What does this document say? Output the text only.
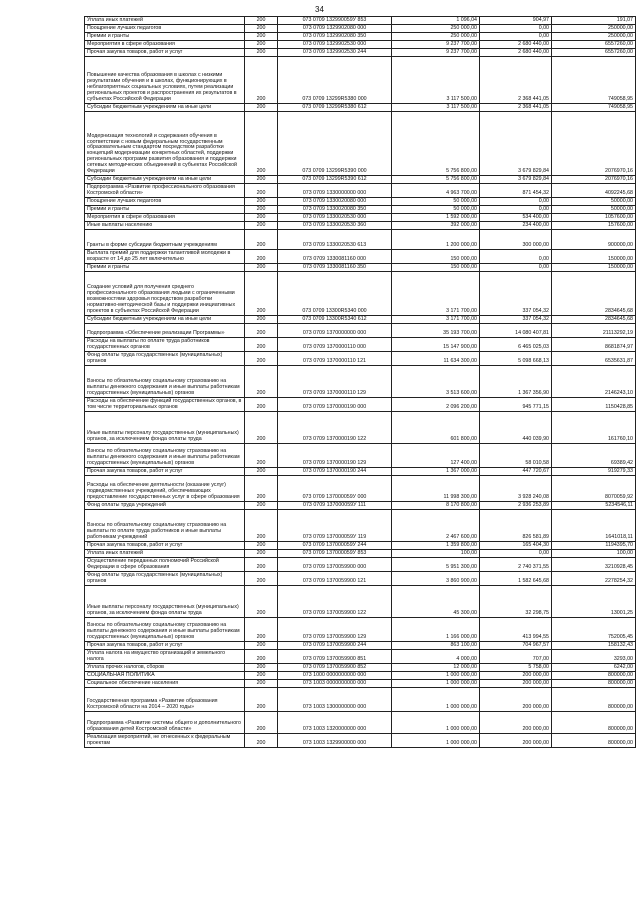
34
Уплата иных платежей	200	073 0709 132990059У 853	1 096,04	904,97	191,07
Поощрение лучших педагогов	200	073 0709 1329902080 000	250 000,00	0,00	250000,00
Премии и гранты	200	073 0709 1329902080 350	250 000,00	0,00	250000,00
Мероприятия в сфере образования	200	073 0709 1329902530 000	9 237 700,00	2 680 440,00	6557260,00
Прочая закупка товаров, работ и услуг	200	073 0709 1329902530 244	9 237 700,00	2 680 440,00	6557260,00
Повышение качества образования в школах с низкими результатами обучения и в школах, функционирующих в неблагоприятных социальных условиях, путем реализации региональных проектов и распространения их результатов в субъектах Российской Федерации	200	073 0709 13299R5380 000	3 117 500,00	2 368 441,05	749058,95
Субсидии бюджетным учреждениям на иные цели	200	073 0709 13299R5380 612	3 117 500,00	2 368 441,05	749058,95
Модернизация технологий и содержания обучения в соответствии с новым федеральным государственным образовательным стандартом посредством разработки концепций модернизации конкретных областей, поддержки региональных программ развития образования и поддержки сетевых методических объединений в субъектах Российской Федерации	200	073 0709 13299R5390 000	5 756 800,00	3 679 829,84	2076970,16
Субсидии бюджетным учреждениям на иные цели	200	073 0709 13299R5390 612	5 756 800,00	3 679 829,84	2076970,16
Подпрограмма «Развитие профессионального образования Костромской области»	200	073 0709 1330000000 000	4 963 700,00	871 454,32	4092245,68
Поощрение лучших педагогов	200	073 0709 1330020080 000	50 000,00	0,00	50000,00
Премии и гранты	200	073 0709 1330020080 350	50 000,00	0,00	50000,00
Мероприятия в сфере образования	200	073 0709 1330020530 000	1 592 000,00	534 400,00	1057600,00
Иные выплаты населению	200	073 0709 1330020530 360	392 000,00	234 400,00	157600,00
Гранты в форме субсидии бюджетным учреждениям	200	073 0709 1330020530 613	1 200 000,00	300 000,00	900000,00
Выплата премий для поддержки талантливой молодежи в возрасте от 14 до 25 лет включительно	200	073 0709 1330081160 000	150 000,00	0,00	150000,00
Премии и гранты	200	073 0709 1330081160 350	150 000,00	0,00	150000,00
Создание условий для получения среднего профессионального образования людьми с ограниченными возможностями здоровья посредством разработки нормативно-методической базы и поддержки инициативных проектов в субъектах Российской Федерации	200	073 0709 13300R5340 000	3 171 700,00	337 054,32	2834645,68
Субсидии бюджетным учреждениям на иные цели	200	073 0709 13300R5340 612	3 171 700,00	337 054,32	2834645,68
Подпрограмма «Обеспечение реализации Программы»	200	073 0709 1370000000 000	35 193 700,00	14 080 407,81	21113292,19
Расходы на выплаты по оплате труда работников государственных органов	200	073 0709 1370000110 000	15 147 900,00	6 465 025,03	8681874,97
Фонд оплаты труда государственных (муниципальных) органов	200	073 0709 1370000110 121	11 634 300,00	5 098 668,13	6535631,87
Взносы по обязательному социальному страхованию на выплаты денежного содержания и иные выплаты работникам государственных (муниципальных) органов	200	073 0709 1370000110 129	3 513 600,00	1 367 356,90	2146243,10
Расходы на обеспечение функций государственных органов, в том числе территориальных органов	200	073 0709 1370000190 000	2 096 200,00	945 771,15	1150428,85
Иные выплаты персоналу государственных (муниципальных) органов, за исключением фонда оплаты труда	200	073 0709 1370000190 122	601 800,00	440 039,90	161760,10
Взносы по обязательному социальному страхованию на выплаты денежного содержания и иные выплаты работникам государственных (муниципальных) органов	200	073 0709 1370000190 129	127 400,00	58 010,58	69389,42
Прочая закупка товаров, работ и услуг	200	073 0709 1370000190 244	1 367 000,00	447 720,67	919279,33
Расходы на обеспечение деятельности (оказание услуг) подведомственных учреждений, обеспечивающих предоставление государственных услуг в сфере образования	200	073 0709 137000059У 000	11 998 300,00	3 928 240,08	8070059,92
Фонд оплаты труда учреждений	200	073 0709 137000059У 111	8 170 800,00	2 936 253,89	5234546,11
Взносы по обязательному социальному страхованию на выплаты по оплате труда работников и иные выплаты работникам учреждений	200	073 0709 137000059У 119	2 467 600,00	826 581,89	1641018,11
Прочая закупка товаров, работ и услуг	200	073 0709 137000059У 244	1 359 800,00	165 404,30	1194395,70
Уплата иных платежей	200	073 0709 137000059У 853	100,00	0,00	100,00
Осуществление переданных полномочий Российской Федерации в сфере образования	200	073 0709 1370059900 000	5 951 300,00	2 740 371,55	3210928,45
Фонд оплаты труда государственных (муниципальных) органов	200	073 0709 1370059900 121	3 860 900,00	1 582 645,68	2278254,32
Иные выплаты персоналу государственных (муниципальных) органов, за исключением фонда оплаты труда	200	073 0709 1370059900 122	45 300,00	32 298,75	13001,25
Взносы по обязательному социальному страхованию на выплаты денежного содержания и иные выплаты работникам государственных (муниципальных) органов	200	073 0709 1370059900 129	1 166 000,00	413 994,55	752005,45
Прочая закупка товаров, работ и услуг	200	073 0709 1370059900 244	863 100,00	704 967,57	158132,43
Уплата налога на имущество организаций и земельного налога	200	073 0709 1370059900 851	4 000,00	707,00	3293,00
Уплата прочих налогов, сборов	200	073 0709 1370059900 852	12 000,00	5 758,00	6242,00
СОЦИАЛЬНАЯ ПОЛИТИКА	200	073 1000 0000000000 000	1 000 000,00	200 000,00	800000,00
Социальное обеспечение населения	200	073 1003 0000000000 000	1 000 000,00	200 000,00	800000,00
Государственная программа «Развитие образования Костромской области на 2014 – 2020 годы»	200	073 1003 1300000000 000	1 000 000,00	200 000,00	800000,00
Подпрограмма «Развитие системы общего и дополнительного образования детей Костромской области»	200	073 1003 1320000000 000	1 000 000,00	200 000,00	800000,00
Реализация мероприятий, не отнесенных к федеральным проектам	200	073 1003 1329900000 000	1 000 000,00	200 000,00	800000,00
